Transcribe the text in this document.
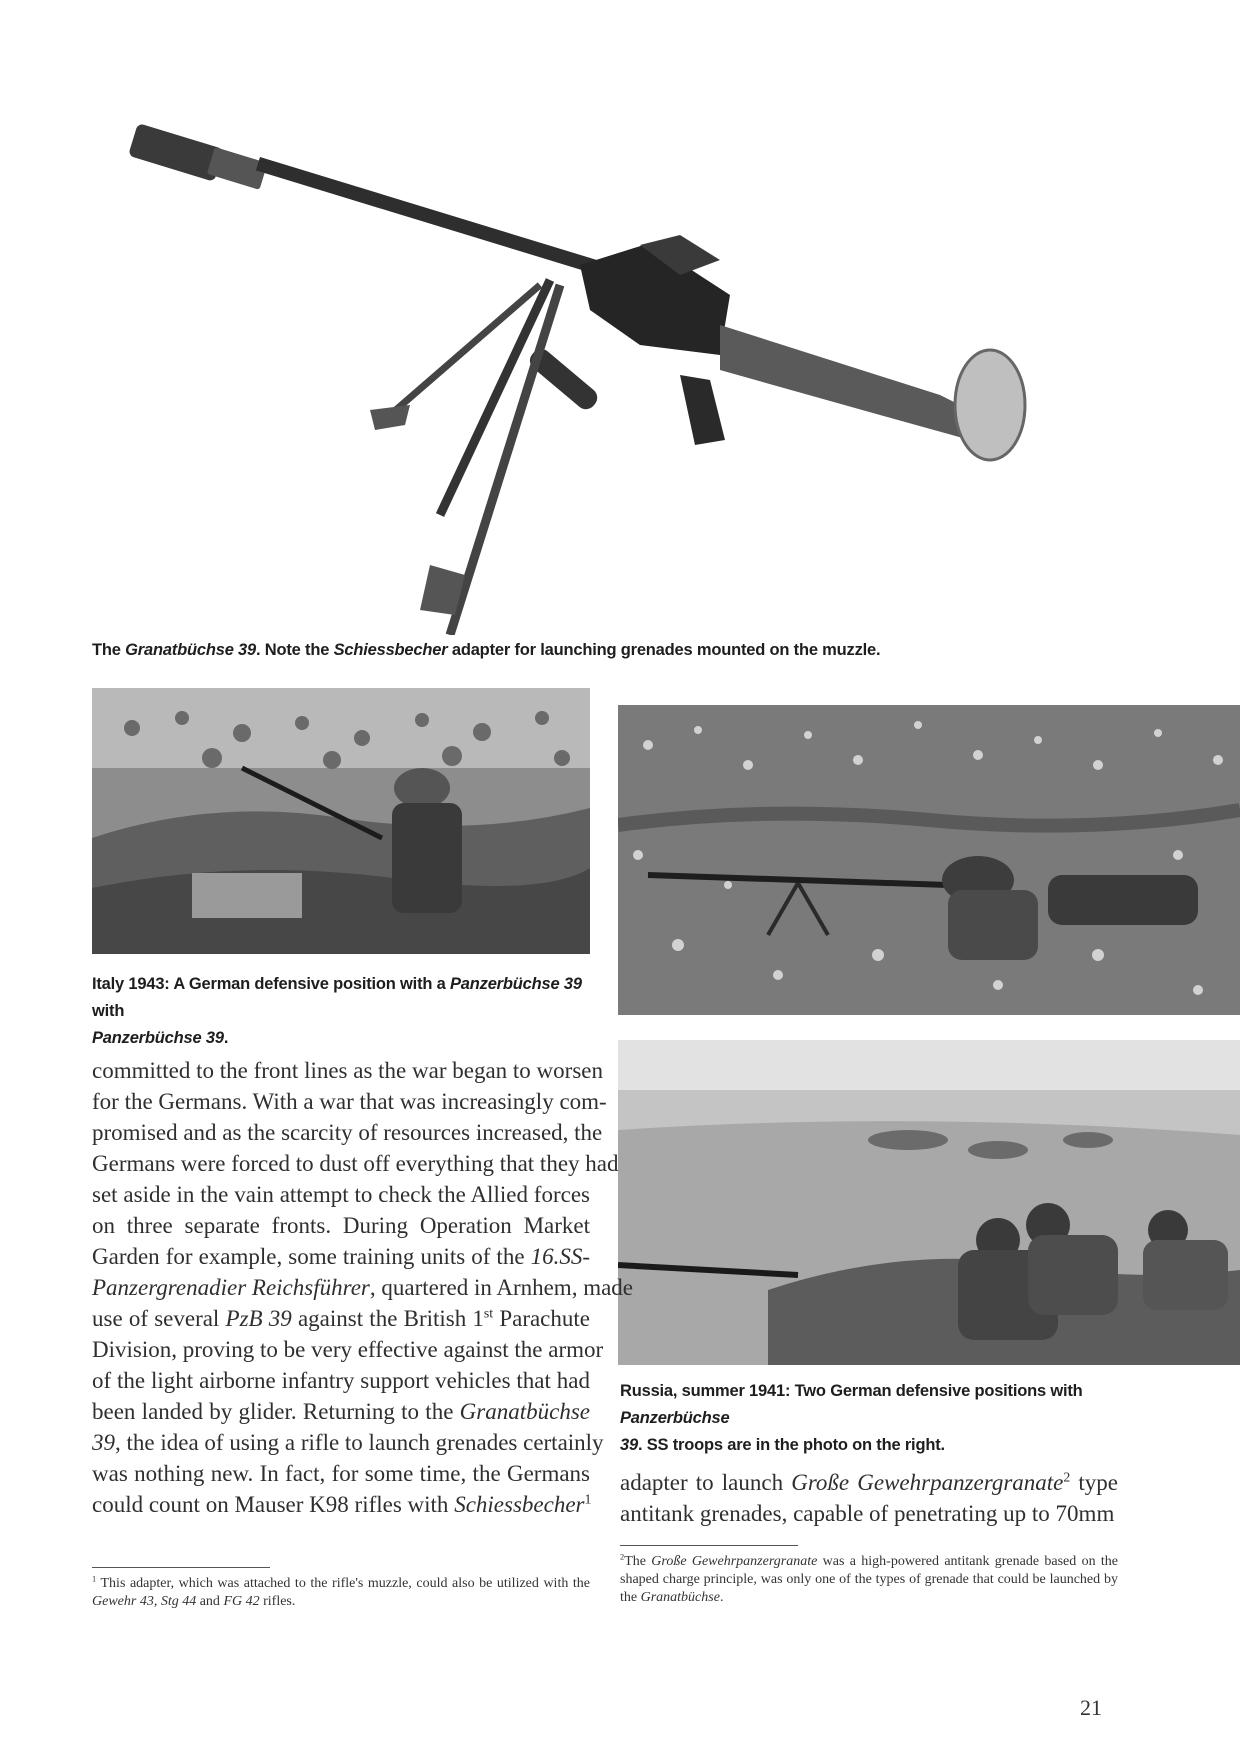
The Granatbüchse 39. Note the Schiessbecher adapter for launching grenades mounted on the muzzle.
Italy 1943: A German defensive position with a Panzerbüchse 39 with
Panzerbüchse 39.
Russia, summer 1941: Two German defensive positions with Panzerbüchse
39. SS troops are in the photo on the right.
committed to the front lines as the war began to worsen
for the Germans. With a war that was increasingly com-
promised and as the scarcity of resources increased, the
Germans were forced to dust off everything that they had
set aside in the vain attempt to check the Allied forces
on three separate fronts. During Operation Market
Garden for example, some training units of the 16.SS-
Panzergrenadier Reichsführer, quartered in Arnhem, made
use of several PzB 39 against the British 1st Parachute
Division, proving to be very effective against the armor
of the light airborne infantry support vehicles that had
been landed by glider. Returning to the Granatbüchse
39, the idea of using a rifle to launch grenades certainly
was nothing new. In fact, for some time, the Germans
could count on Mauser K98 rifles with Schiessbecher$^1$
adapter to launch Große Gewehrpanzergranate$^2$ type
antitank grenades, capable of penetrating up to 70mm
$^1$ This adapter, which was attached to the rifle's muzzle, could also be utilized with the Gewehr 43, Stg 44 and FG 42 rifles.
$^2$The Große Gewehrpanzergranate was a high-powered antitank grenade based on the shaped charge principle, was only one of the types of grenade that could be launched by the Granatbüchse.
21
